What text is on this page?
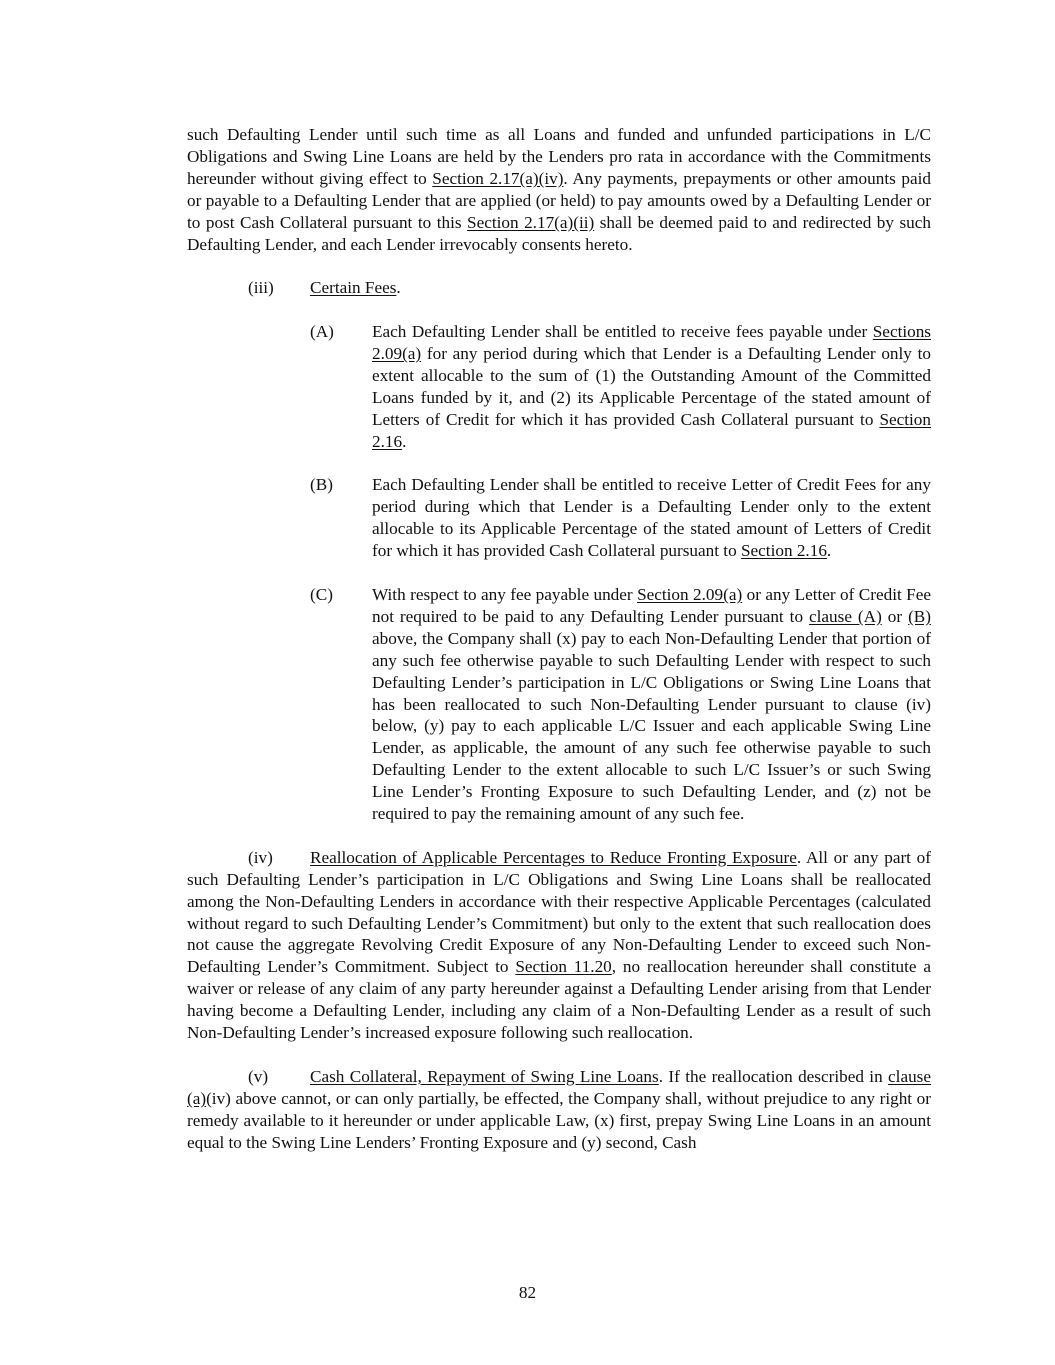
such Defaulting Lender until such time as all Loans and funded and unfunded participations in L/C Obligations and Swing Line Loans are held by the Lenders pro rata in accordance with the Commitments hereunder without giving effect to Section 2.17(a)(iv). Any payments, prepayments or other amounts paid or payable to a Defaulting Lender that are applied (or held) to pay amounts owed by a Defaulting Lender or to post Cash Collateral pursuant to this Section 2.17(a)(ii) shall be deemed paid to and redirected by such Defaulting Lender, and each Lender irrevocably consents hereto.

(iii) Certain Fees.

(A) Each Defaulting Lender shall be entitled to receive fees payable under Sections 2.09(a) for any period during which that Lender is a Defaulting Lender only to extent allocable to the sum of (1) the Outstanding Amount of the Committed Loans funded by it, and (2) its Applicable Percentage of the stated amount of Letters of Credit for which it has provided Cash Collateral pursuant to Section 2.16.

(B) Each Defaulting Lender shall be entitled to receive Letter of Credit Fees for any period during which that Lender is a Defaulting Lender only to the extent allocable to its Applicable Percentage of the stated amount of Letters of Credit for which it has provided Cash Collateral pursuant to Section 2.16.

(C) With respect to any fee payable under Section 2.09(a) or any Letter of Credit Fee not required to be paid to any Defaulting Lender pursuant to clause (A) or (B) above, the Company shall (x) pay to each Non-Defaulting Lender that portion of any such fee otherwise payable to such Defaulting Lender with respect to such Defaulting Lender’s participation in L/C Obligations or Swing Line Loans that has been reallocated to such Non-Defaulting Lender pursuant to clause (iv) below, (y) pay to each applicable L/C Issuer and each applicable Swing Line Lender, as applicable, the amount of any such fee otherwise payable to such Defaulting Lender to the extent allocable to such L/C Issuer’s or such Swing Line Lender’s Fronting Exposure to such Defaulting Lender, and (z) not be required to pay the remaining amount of any such fee.

(iv) Reallocation of Applicable Percentages to Reduce Fronting Exposure. All or any part of such Defaulting Lender’s participation in L/C Obligations and Swing Line Loans shall be reallocated among the Non-Defaulting Lenders in accordance with their respective Applicable Percentages (calculated without regard to such Defaulting Lender’s Commitment) but only to the extent that such reallocation does not cause the aggregate Revolving Credit Exposure of any Non-Defaulting Lender to exceed such Non-Defaulting Lender’s Commitment. Subject to Section 11.20, no reallocation hereunder shall constitute a waiver or release of any claim of any party hereunder against a Defaulting Lender arising from that Lender having become a Defaulting Lender, including any claim of a Non-Defaulting Lender as a result of such Non-Defaulting Lender’s increased exposure following such reallocation.

(v) Cash Collateral, Repayment of Swing Line Loans. If the reallocation described in clause (a)(iv) above cannot, or can only partially, be effected, the Company shall, without prejudice to any right or remedy available to it hereunder or under applicable Law, (x) first, prepay Swing Line Loans in an amount equal to the Swing Line Lenders’ Fronting Exposure and (y) second, Cash

82
